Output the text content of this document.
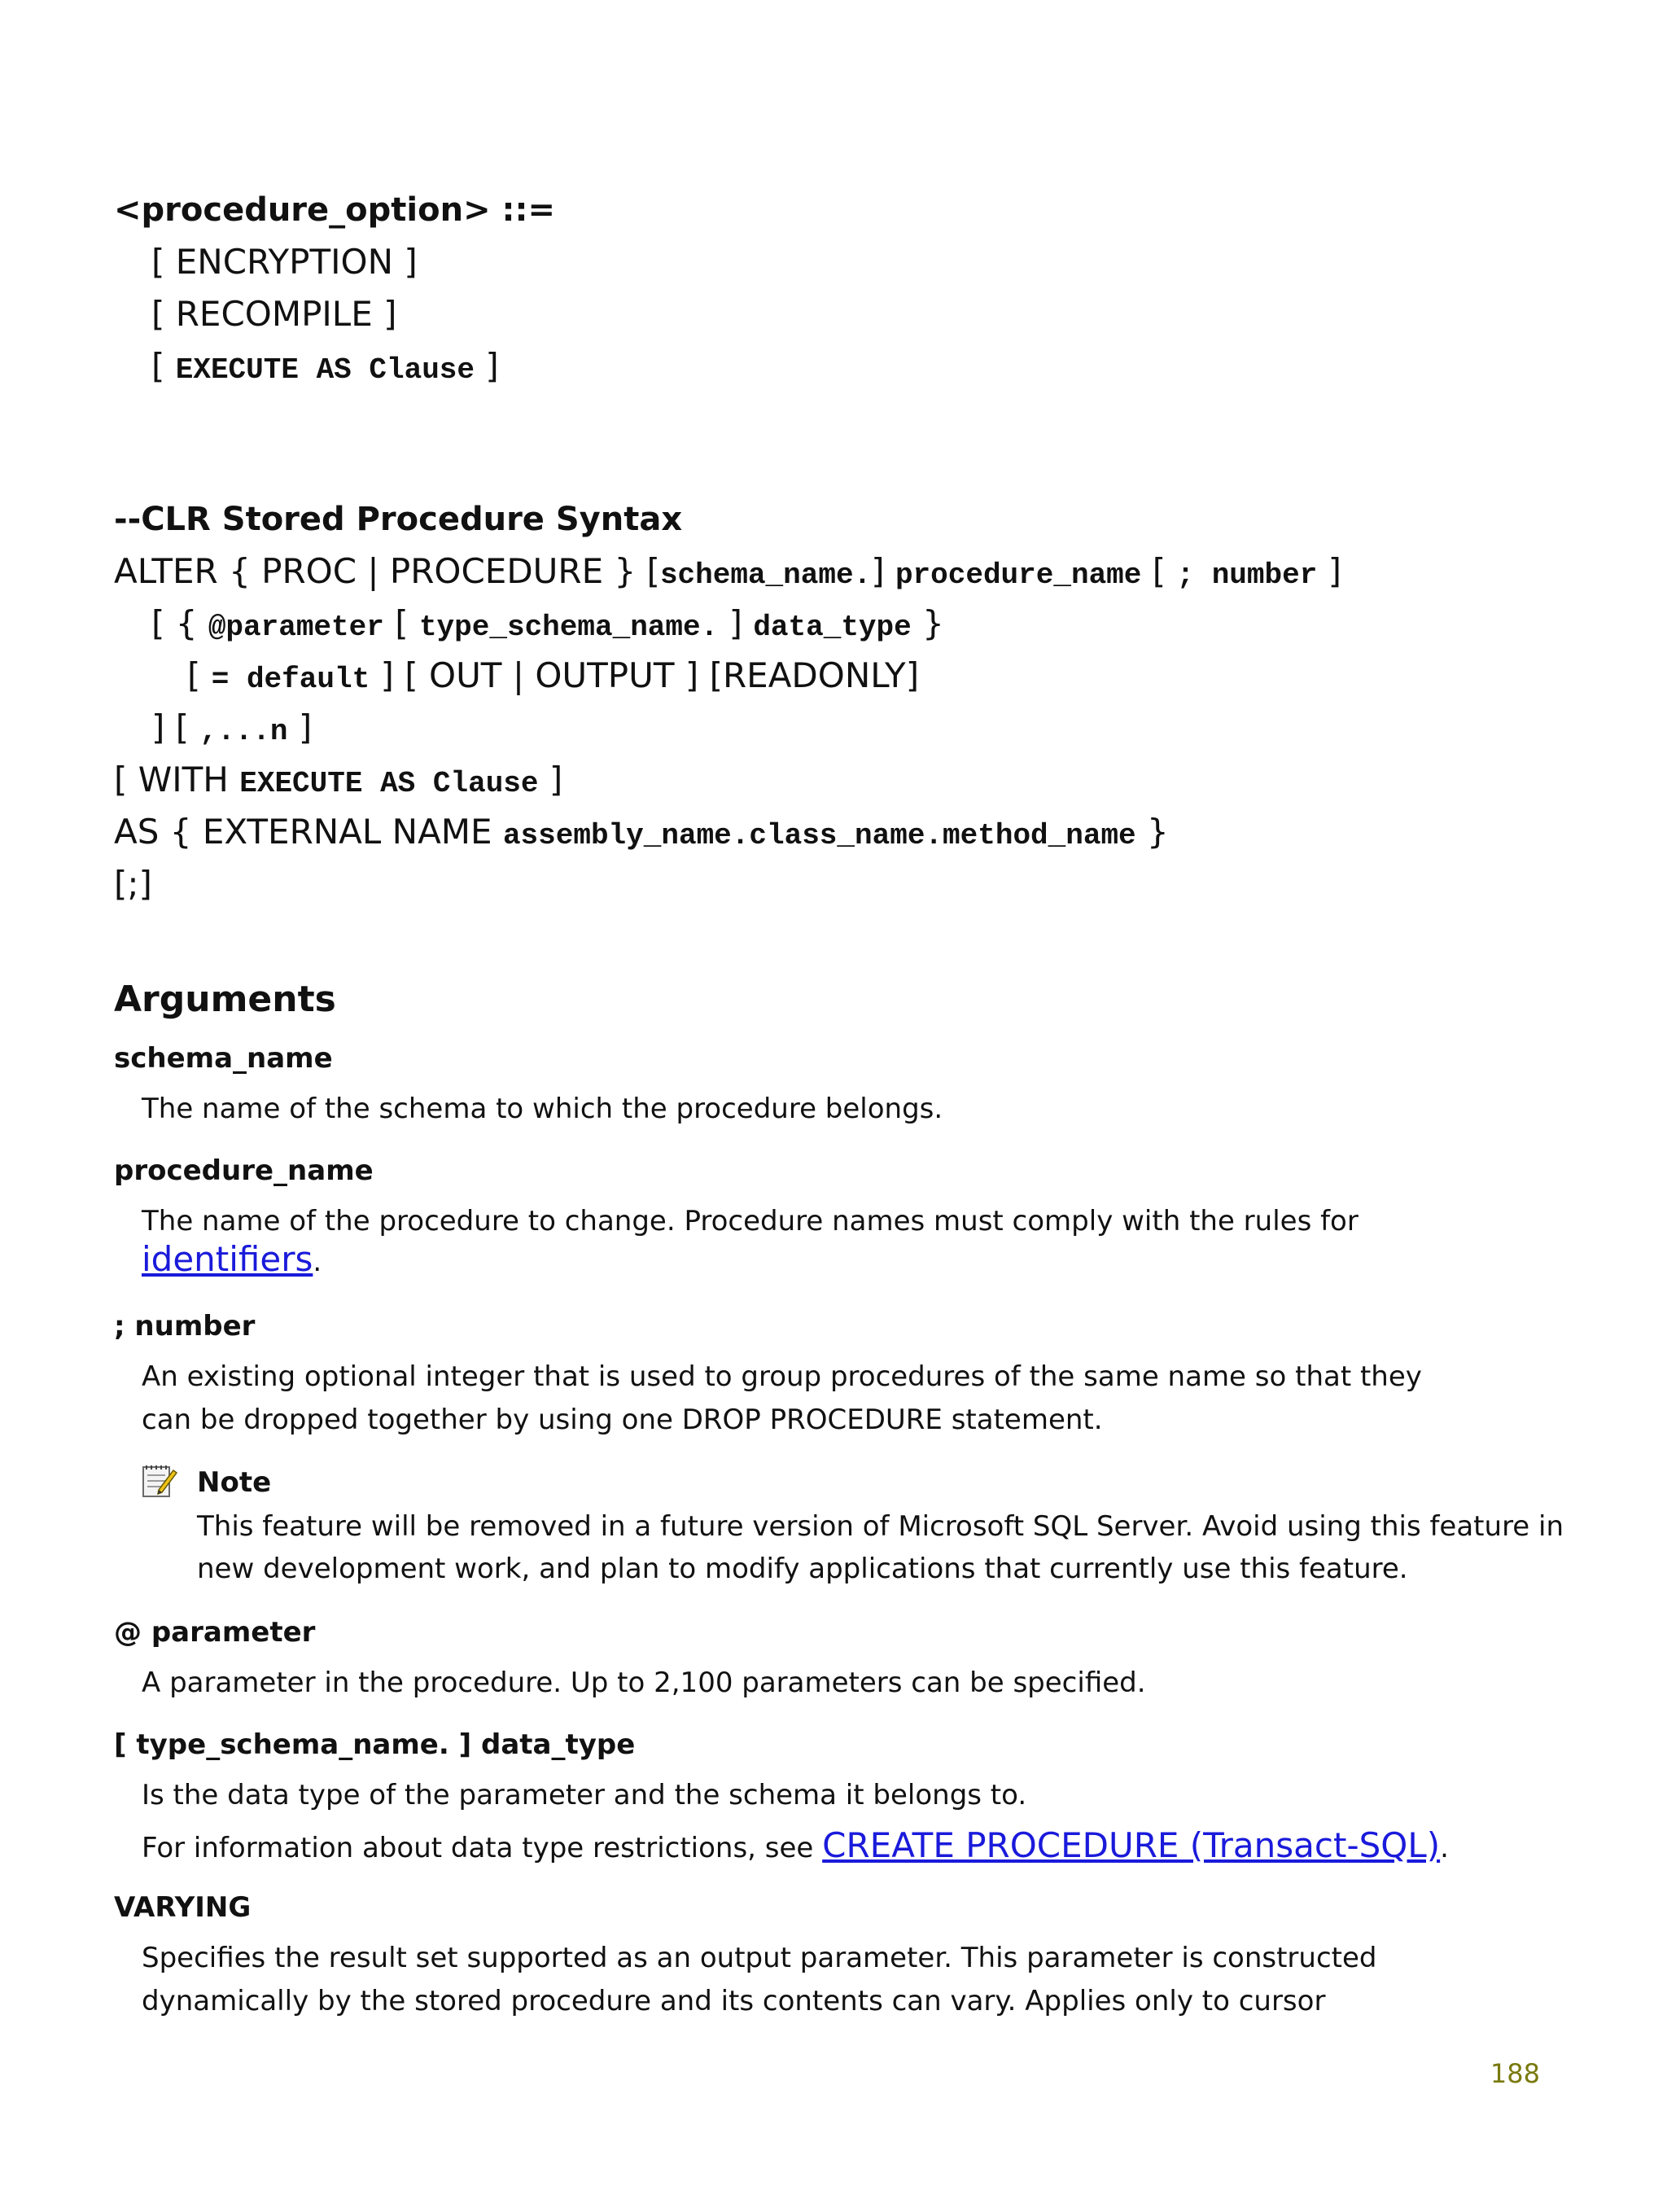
<procedure_option> ::=
[ ENCRYPTION ]
[ RECOMPILE ]
[ EXECUTE AS Clause ]
--CLR Stored Procedure Syntax
ALTER { PROC | PROCEDURE } [schema_name.] procedure_name [ ; number ]
[ { @parameter [ type_schema_name. ] data_type }
[ = default ] [ OUT | OUTPUT ] [READONLY]
] [ ,...n ]
[ WITH EXECUTE AS Clause ]
AS { EXTERNAL NAME assembly_name.class_name.method_name }
[;]
Arguments
schema_name
The name of the schema to which the procedure belongs.
procedure_name
The name of the procedure to change. Procedure names must comply with the rules for
identifiers.
; number
An existing optional integer that is used to group procedures of the same name so that they
can be dropped together by using one DROP PROCEDURE statement.
Note
This feature will be removed in a future version of Microsoft SQL Server. Avoid using this feature in
new development work, and plan to modify applications that currently use this feature.
@ parameter
A parameter in the procedure. Up to 2,100 parameters can be specified.
[ type_schema_name. ] data_type
Is the data type of the parameter and the schema it belongs to.
For information about data type restrictions, see CREATE PROCEDURE (Transact-SQL).
VARYING
Specifies the result set supported as an output parameter. This parameter is constructed
dynamically by the stored procedure and its contents can vary. Applies only to cursor
188
